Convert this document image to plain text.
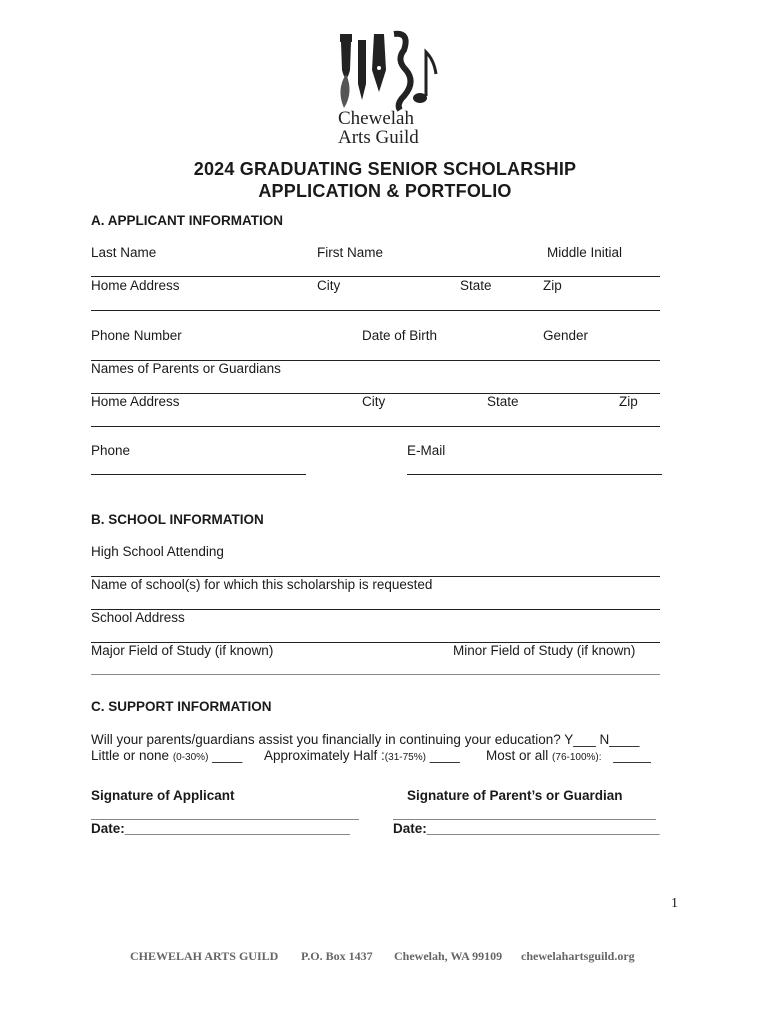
Chewelah
Arts Guild
2024 GRADUATING SENIOR SCHOLARSHIP
APPLICATION & PORTFOLIO
A. APPLICANT INFORMATION
Last Name	First Name	Middle Initial
Home Address	City	State	Zip
Phone Number	Date of Birth	Gender
Names of Parents or Guardians
Home Address	City	State	Zip
Phone	E-Mail
B. SCHOOL INFORMATION
High School Attending
Name of school(s) for which this scholarship is requested
School Address
Major Field of Study (if known)	Minor Field of Study (if known)
C. SUPPORT INFORMATION
Will your parents/guardians assist you financially in continuing your education? Y___ N____
Little or none (0-30%) ____ Approximately Half :(31-75%) ____ Most or all (76-100%): _____
Signature of Applicant	Signature of Parent’s or Guardian
Date:______________________________	Date:_______________________________
1
CHEWELAH ARTS GUILD P.O. Box 1437 Chewelah, WA 99109 chewelahartsguild.org
